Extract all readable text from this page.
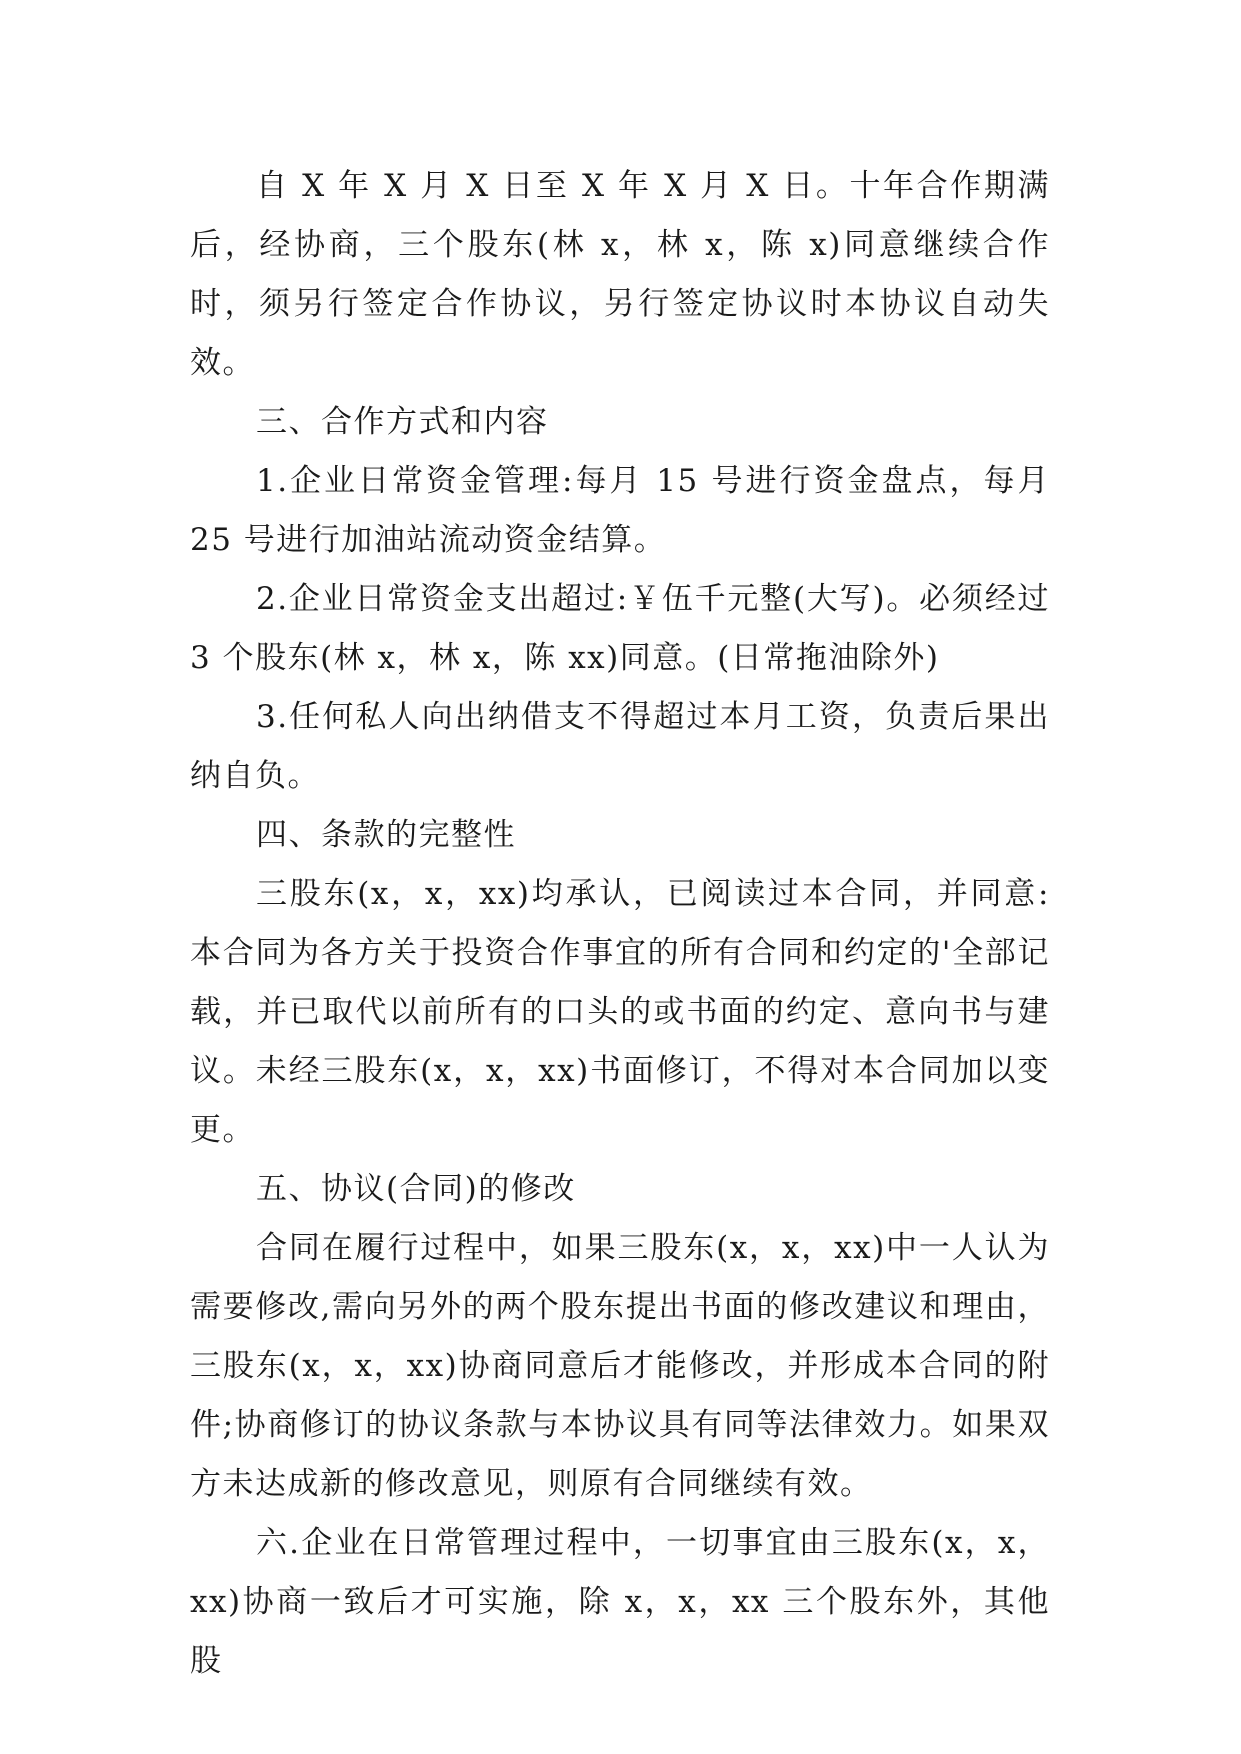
自 X 年 X 月 X 日至 X 年 X 月 X 日。十年合作期满后，经协商，三个股东(林 x，林 x，陈 x)同意继续合作时，须另行签定合作协议，另行签定协议时本协议自动失效。

三、合作方式和内容

1.企业日常资金管理:每月 15 号进行资金盘点，每月 25 号进行加油站流动资金结算。

2.企业日常资金支出超过:￥伍千元整(大写)。必须经过 3 个股东(林 x，林 x，陈 xx)同意。(日常拖油除外)

3.任何私人向出纳借支不得超过本月工资，负责后果出纳自负。

四、条款的完整性

三股东(x，x，xx)均承认，已阅读过本合同，并同意:本合同为各方关于投资合作事宜的所有合同和约定的'全部记载，并已取代以前所有的口头的或书面的约定、意向书与建议。未经三股东(x，x，xx)书面修订，不得对本合同加以变更。

五、协议(合同)的修改

合同在履行过程中，如果三股东(x，x，xx)中一人认为需要修改,需向另外的两个股东提出书面的修改建议和理由，三股东(x，x，xx)协商同意后才能修改，并形成本合同的附件;协商修订的协议条款与本协议具有同等法律效力。如果双方未达成新的修改意见，则原有合同继续有效。

六.企业在日常管理过程中，一切事宜由三股东(x，x，xx)协商一致后才可实施，除 x，x，xx 三个股东外，其他股
